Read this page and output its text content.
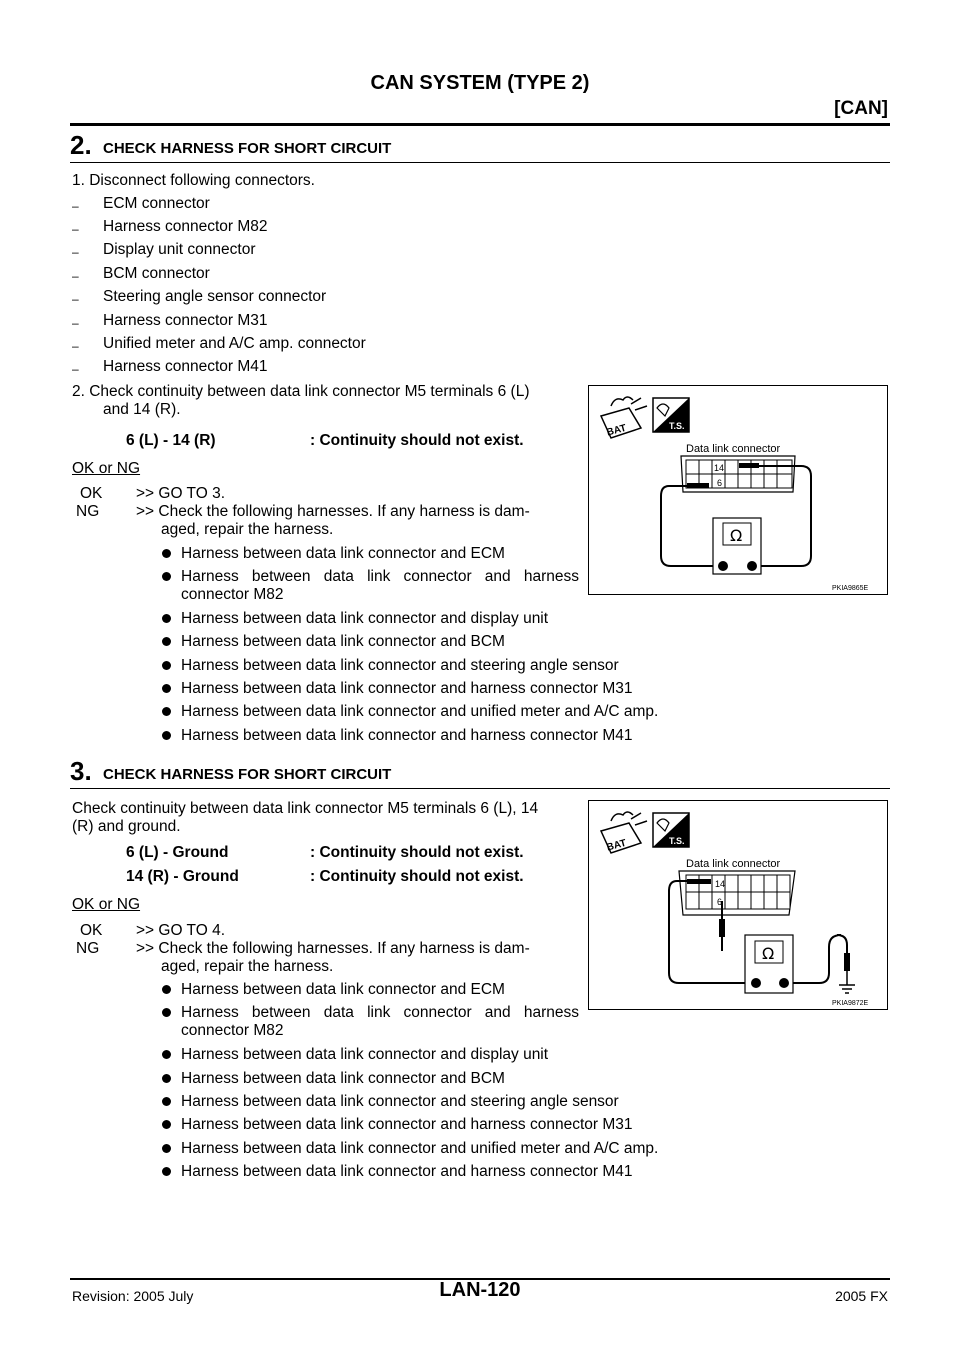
CAN SYSTEM (TYPE 2)
[CAN]
2. CHECK HARNESS FOR SHORT CIRCUIT
1. Disconnect following connectors.
– ECM connector
– Harness connector M82
– Display unit connector
– BCM connector
– Steering angle sensor connector
– Harness connector M31
– Unified meter and A/C amp. connector
– Harness connector M41
2. Check continuity between data link connector M5 terminals 6 (L)
and 14 (R).
6 (L) - 14 (R)	: Continuity should not exist.
OK or NG
OK >> GO TO 3.
NG >> Check the following harnesses. If any harness is dam-
aged, repair the harness.
Harness between data link connector and ECM
Harness between data link connector and harness
connector M82
Harness between data link connector and display unit
Harness between data link connector and BCM
Harness between data link connector and steering angle sensor
Harness between data link connector and harness connector M31
Harness between data link connector and unified meter and A/C amp.
Harness between data link connector and harness connector M41
BAT	T.S.
Data link connector
14
6
Ω
PKIA9865E
3. CHECK HARNESS FOR SHORT CIRCUIT
Check continuity between data link connector M5 terminals 6 (L), 14
(R) and ground.
6 (L) - Ground	: Continuity should not exist.
14 (R) - Ground	: Continuity should not exist.
OK or NG
OK >> GO TO 4.
NG >> Check the following harnesses. If any harness is dam-
aged, repair the harness.
Harness between data link connector and ECM
Harness between data link connector and harness
connector M82
Harness between data link connector and display unit
Harness between data link connector and BCM
Harness between data link connector and steering angle sensor
Harness between data link connector and harness connector M31
Harness between data link connector and unified meter and A/C amp.
Harness between data link connector and harness connector M41
BAT	T.S.
Data link connector
14
6
Ω
PKIA9872E
Revision: 2005 July	LAN-120	2005 FX
